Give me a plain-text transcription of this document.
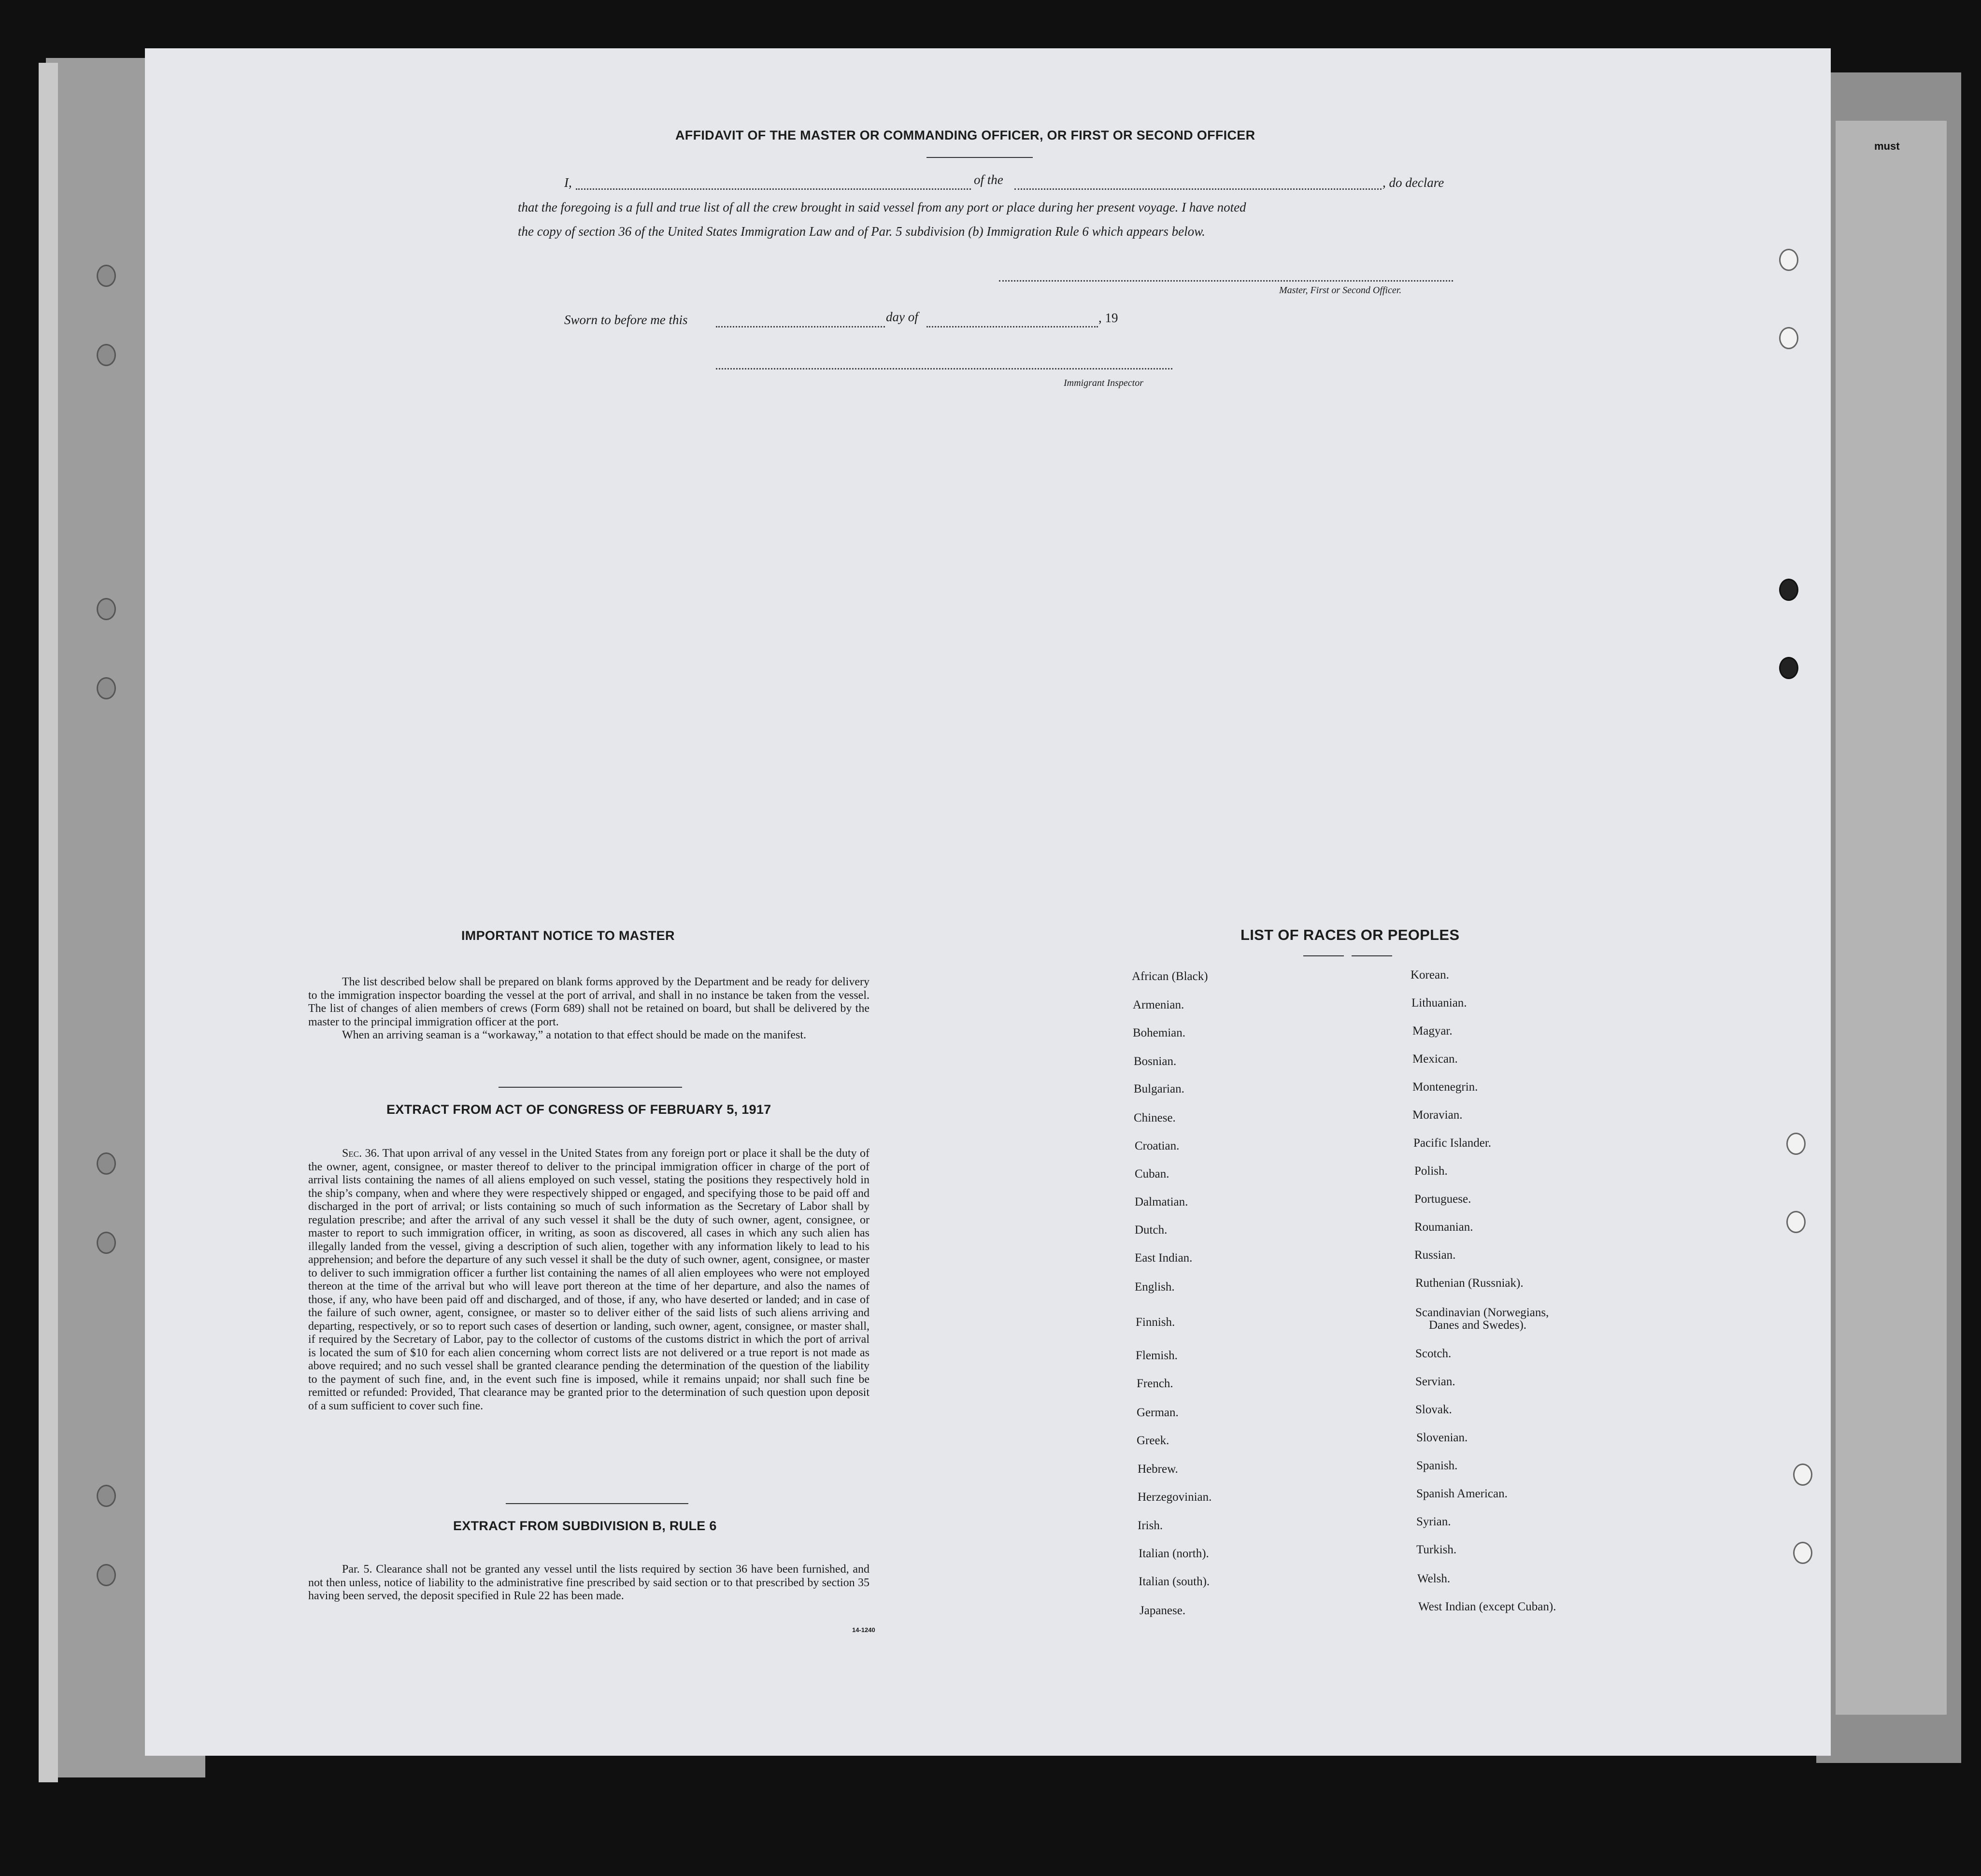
must
AFFIDAVIT OF THE MASTER OR COMMANDING OFFICER, OR FIRST OR SECOND OFFICER
I,	of the	, do declare
that the foregoing is a full and true list of all the crew brought in said vessel from any port or place during her present voyage. I have noted
the copy of section 36 of the United States Immigration Law and of Par. 5 subdivision (b) Immigration Rule 6 which appears below.
Master, First or Second Officer.
Sworn to before me this	day of	, 19
Immigrant Inspector
IMPORTANT NOTICE TO MASTER

The list described below shall be prepared on blank forms approved by the Department and be ready for delivery to the immigration inspector boarding the vessel at the port of arrival, and shall in no instance be taken from the vessel. The list of changes of alien members of crews (Form 689) shall not be retained on board, but shall be delivered by the master to the principal immigration officer at the port.

When an arriving seaman is a “workaway,” a notation to that effect should be made on the manifest.

EXTRACT FROM ACT OF CONGRESS OF FEBRUARY 5, 1917

Sec. 36. That upon arrival of any vessel in the United States from any foreign port or place it shall be the duty of the owner, agent, consignee, or master thereof to deliver to the principal immigration officer in charge of the port of arrival lists containing the names of all aliens employed on such vessel, stating the positions they respectively hold in the ship’s company, when and where they were respectively shipped or engaged, and specifying those to be paid off and discharged in the port of arrival; or lists containing so much of such information as the Secretary of Labor shall by regulation prescribe; and after the arrival of any such vessel it shall be the duty of such owner, agent, consignee, or master to report to such immigration officer, in writing, as soon as discovered, all cases in which any such alien has illegally landed from the vessel, giving a description of such alien, together with any information likely to lead to his apprehension; and before the departure of any such vessel it shall be the duty of such owner, agent, consignee, or master to deliver to such immigration officer a further list containing the names of all alien employees who were not employed thereon at the time of the arrival but who will leave port thereon at the time of her departure, and also the names of those, if any, who have been paid off and discharged, and of those, if any, who have deserted or landed; and in case of the failure of such owner, agent, consignee, or master so to deliver either of the said lists of such aliens arriving and departing, respectively, or so to report such cases of desertion or landing, such owner, agent, consignee, or master shall, if required by the Secretary of Labor, pay to the collector of customs of the customs district in which the port of arrival is located the sum of $10 for each alien concerning whom correct lists are not delivered or a true report is not made as above required; and no such vessel shall be granted clearance pending the determination of the question of the liability to the payment of such fine, and, in the event such fine is imposed, while it remains unpaid; nor shall such fine be remitted or refunded: Provided, That clearance may be granted prior to the determination of such question upon deposit of a sum sufficient to cover such fine.

EXTRACT FROM SUBDIVISION B, RULE 6

Par. 5. Clearance shall not be granted any vessel until the lists required by section 36 have been furnished, and not then unless, notice of liability to the administrative fine prescribed by said section or to that prescribed by section 35 having been served, the deposit specified in Rule 22 has been made.

14-1240
LIST OF RACES OR PEOPLES
African (Black)
Armenian.
Bohemian.
Bosnian.
Bulgarian.
Chinese.
Croatian.
Cuban.
Dalmatian.
Dutch.
East Indian.
English.
Finnish.
Flemish.
French.
German.
Greek.
Hebrew.
Herzegovinian.
Irish.
Italian (north).
Italian (south).
Japanese.
Korean.
Lithuanian.
Magyar.
Mexican.
Montenegrin.
Moravian.
Pacific Islander.
Polish.
Portuguese.
Roumanian.
Russian.
Ruthenian (Russniak).
Scandinavian (Norwegians,
Danes and Swedes).
Scotch.
Servian.
Slovak.
Slovenian.
Spanish.
Spanish American.
Syrian.
Turkish.
Welsh.
West Indian (except Cuban).
